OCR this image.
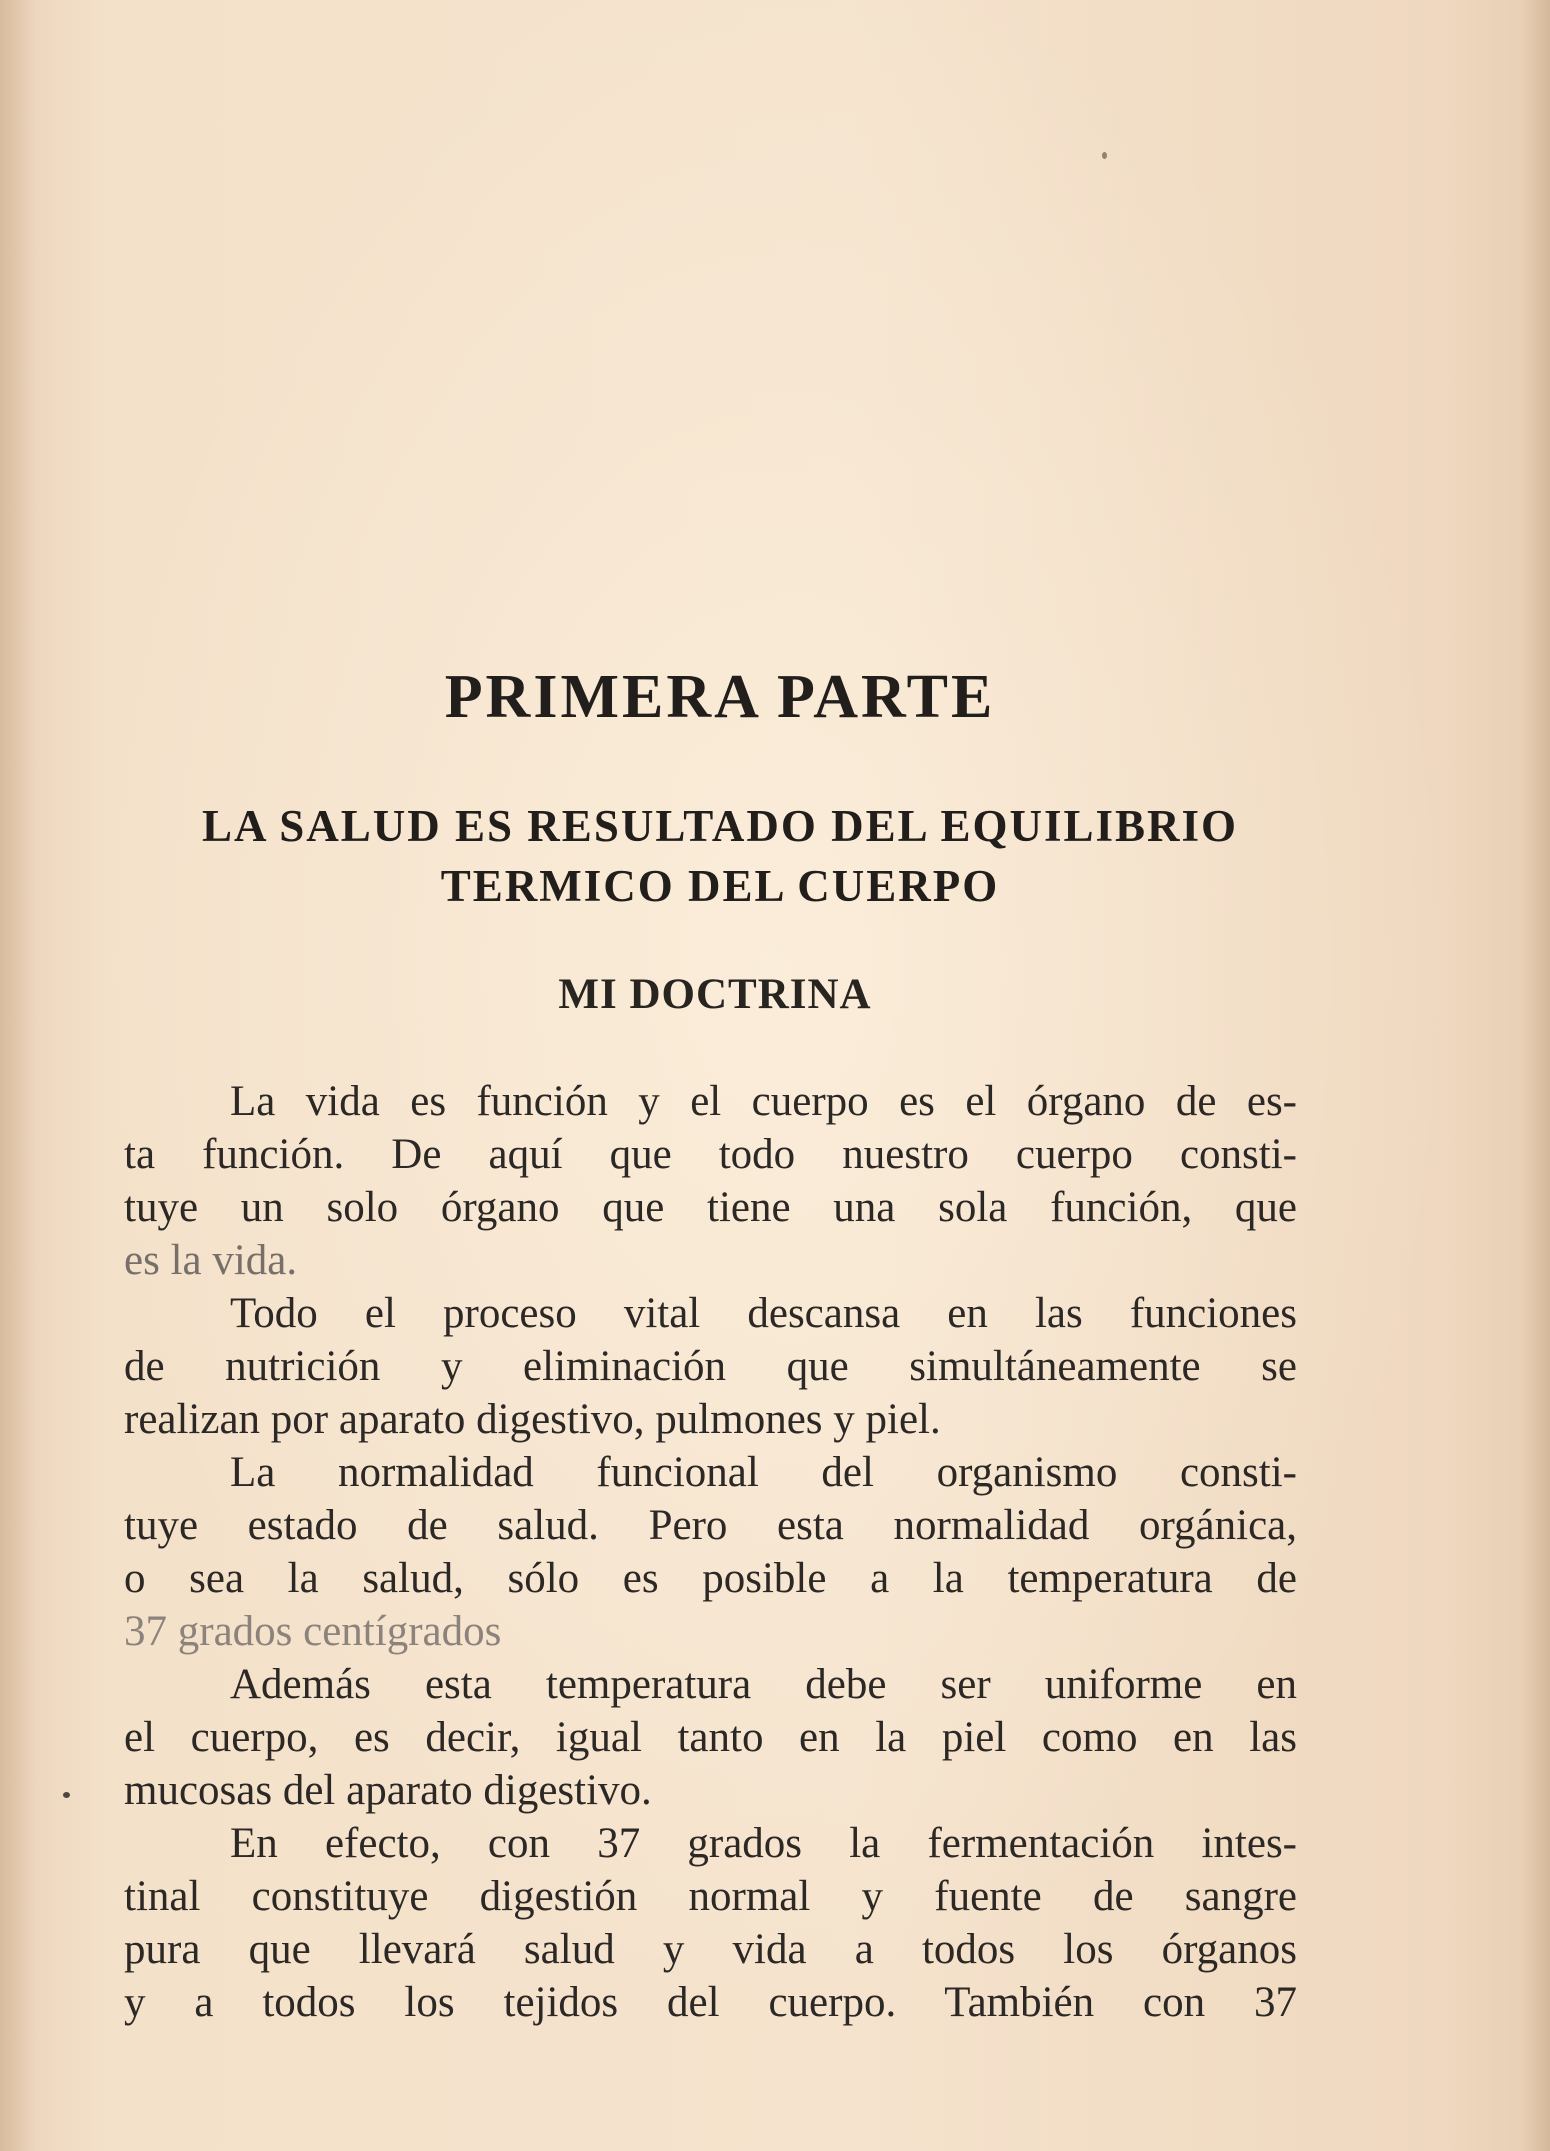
PRIMERA PARTE
LA SALUD ES RESULTADO DEL EQUILIBRIO
TERMICO DEL CUERPO
MI DOCTRINA

La vida es función y el cuerpo es el órgano de es-
ta función. De aquí que todo nuestro cuerpo consti-
tuye un solo órgano que tiene una sola función, que
es la vida.

Todo el proceso vital descansa en las funciones
de nutrición y eliminación que simultáneamente se
realizan por aparato digestivo, pulmones y piel.

La normalidad funcional del organismo consti-
tuye estado de salud. Pero esta normalidad orgánica,
o sea la salud, sólo es posible a la temperatura de
37 grados centígrados

Además esta temperatura debe ser uniforme en
el cuerpo, es decir, igual tanto en la piel como en las
mucosas del aparato digestivo.

En efecto, con 37 grados la fermentación intes-
tinal constituye digestión normal y fuente de sangre
pura que llevará salud y vida a todos los órganos
y a todos los tejidos del cuerpo. También con 37
